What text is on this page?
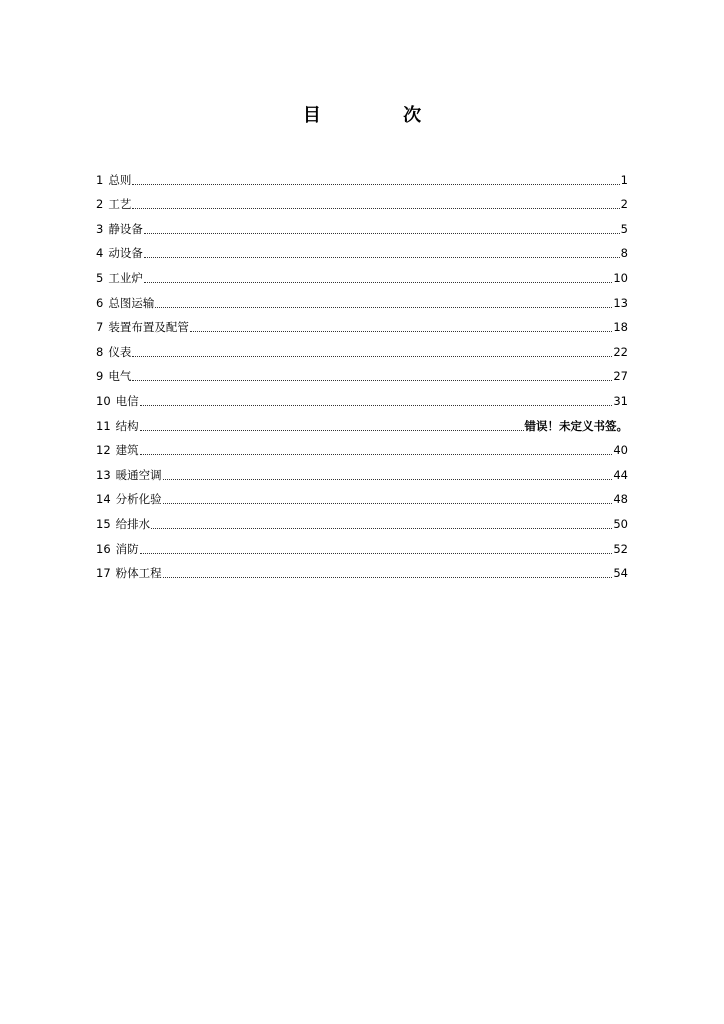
目 次
1 总则	1
2 工艺	2
3 静设备	5
4 动设备	8
5 工业炉	10
6 总图运输	13
7 装置布置及配管	18
8 仪表	22
9 电气	27
10 电信	31
11 结构	错误！未定义书签。
12 建筑	40
13 暖通空调	44
14 分析化验	48
15 给排水	50
16 消防	52
17 粉体工程	54
